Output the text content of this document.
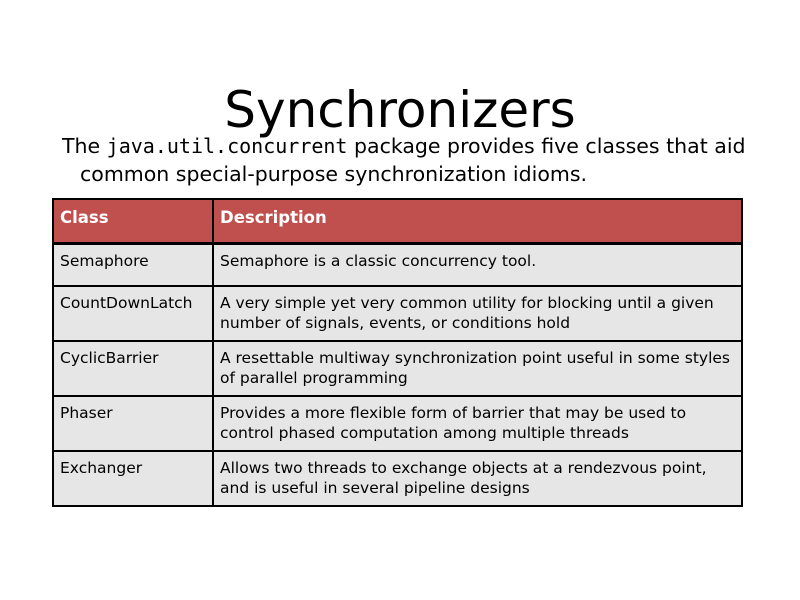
Synchronizers

The java.util.concurrent package provides five classes that aid common special-purpose synchronization idioms.

Class	Description
Semaphore	Semaphore is a classic concurrency tool.
CountDownLatch	A very simple yet very common utility for blocking until a given number of signals, events, or conditions hold
CyclicBarrier	A resettable multiway synchronization point useful in some styles of parallel programming
Phaser	Provides a more flexible form of barrier that may be used to control phased computation among multiple threads
Exchanger	Allows two threads to exchange objects at a rendezvous point, and is useful in several pipeline designs
